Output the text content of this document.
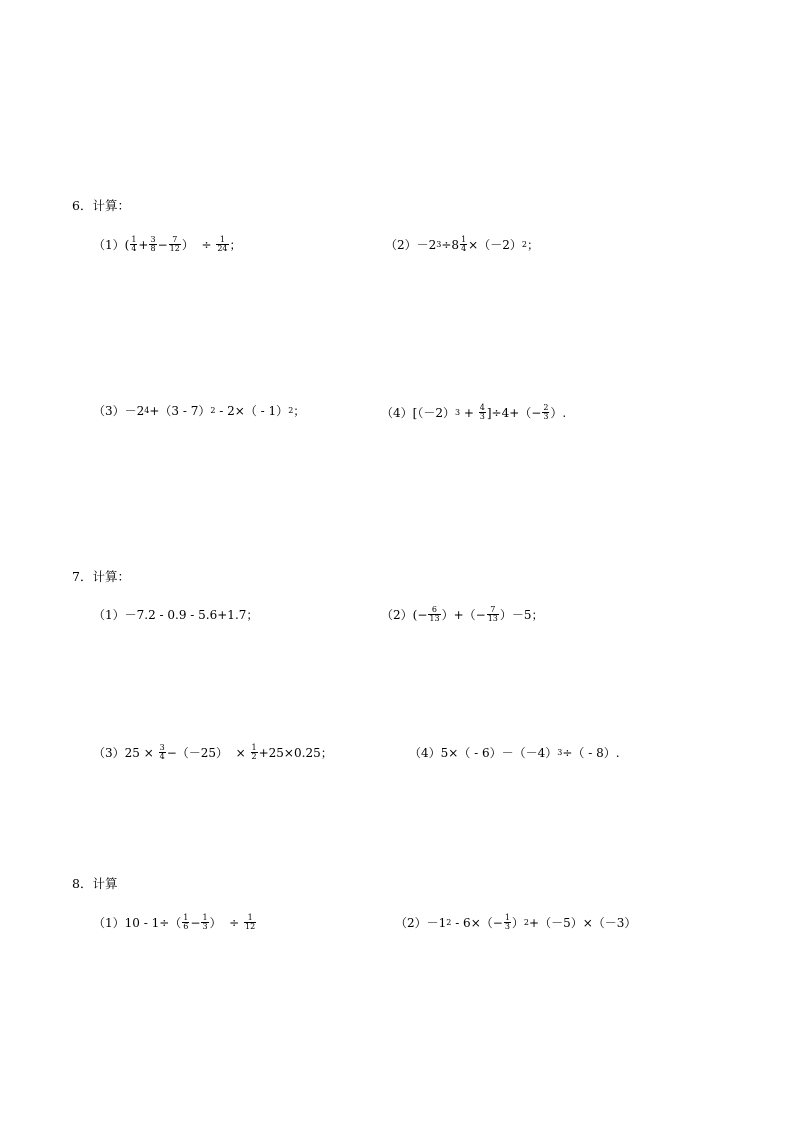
6．计算：
$(1)( \frac{1}{4} + \frac{3}{8} - \frac{7}{12}$ ）  ÷ $\frac{1}{24}$ ；	（2）－2 $3 \div 8 \frac{1}{4} \times(-2)$ 2 ；
（3）－2 4 +（3 - 7） 2 - 2×（ - 1） 2 ；	（4）[（－2） $3 + \frac{4}{3} ]\div 4+(- \frac{2}{3}$ ）.
7．计算：
（1）－7.2 - 0.9 - 5.6+1.7；	$(2)(- \frac{6}{13}$ ）+（− $\frac{7}{13} )-5$；
$(3)25 \times \frac{3}{4} -(-25) \times \frac{1}{2} +25\times 0.25$；	（4）5×（ - 6）－（－4） 3 ÷（ - 8）.
8．计算
$(1)10 - 1\div( \frac{1}{6} - \frac{1}{3}$ ）  ÷ $\frac{1}{12}$	（2）－1 $2 - 6\times(- \frac{1}{3}$ ） 2 +（－5）×（－3）
